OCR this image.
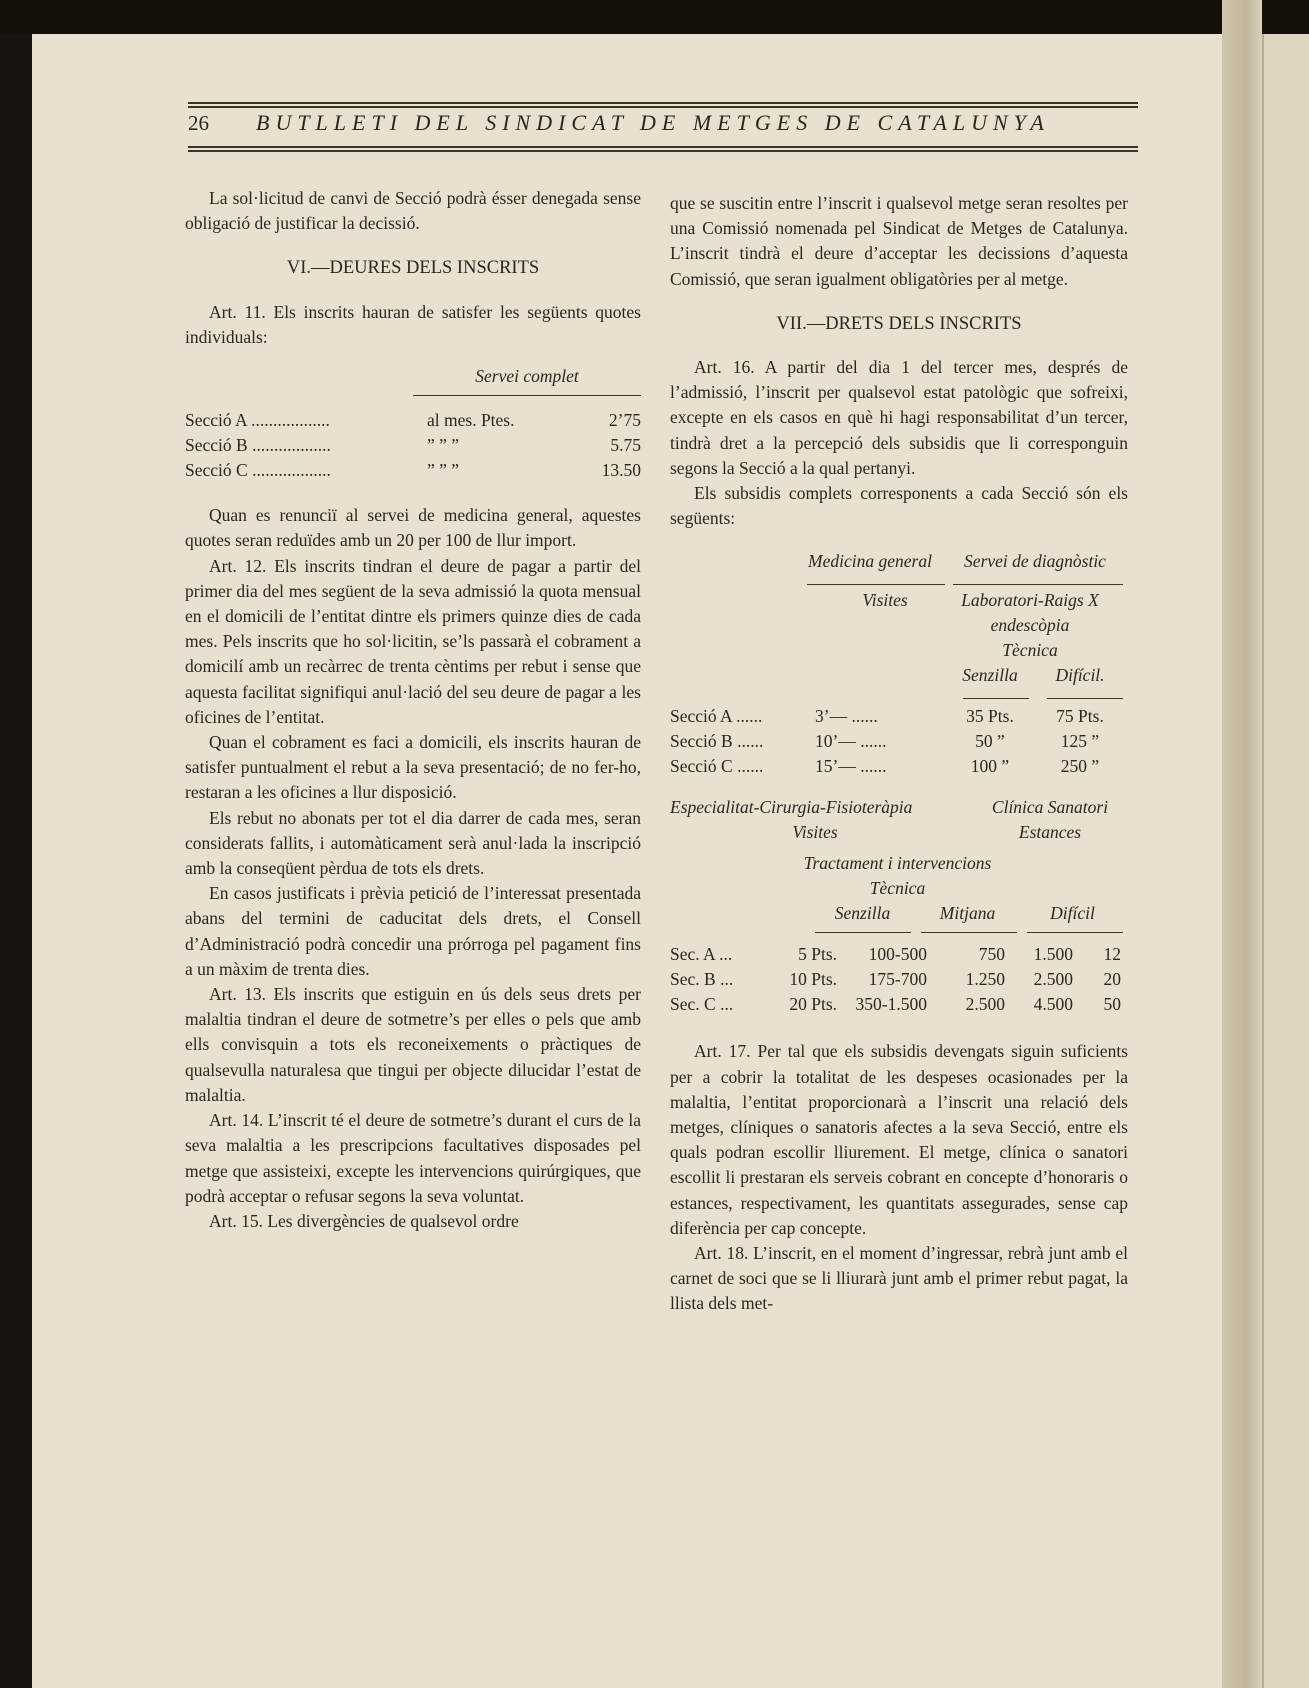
26	BUTLLETI DEL SINDICAT DE METGES DE CATALUNYA

La sol·licitud de canvi de Secció podrà ésser denegada sense obligació de justificar la decissió.

VI.—DEURES DELS INSCRITS

Art. 11. Els inscrits hauran de satisfer les següents quotes individuals:

Servei complet
Secció A ..................	al mes. Ptes.	2’75
Secció B ..................	” ” ”	5.75
Secció C ..................	” ” ”	13.50

Quan es renunciï al servei de medicina general, aquestes quotes seran reduïdes amb un 20 per 100 de llur import.

Art. 12. Els inscrits tindran el deure de pagar a partir del primer dia del mes següent de la seva admissió la quota mensual en el domicili de l’entitat dintre els primers quinze dies de cada mes. Pels inscrits que ho sol·licitin, se’ls passarà el cobrament a domicilí amb un recàrrec de trenta cèntims per rebut i sense que aquesta facilitat signifiqui anul·lació del seu deure de pagar a les oficines de l’entitat.

Quan el cobrament es faci a domicili, els inscrits hauran de satisfer puntualment el rebut a la seva presentació; de no fer-ho, restaran a les oficines a llur disposició.

Els rebut no abonats per tot el dia darrer de cada mes, seran considerats fallits, i automàticament serà anul·lada la inscripció amb la conseqüent pèrdua de tots els drets.

En casos justificats i prèvia petició de l’interessat presentada abans del termini de caducitat dels drets, el Consell d’Administració podrà concedir una prórroga pel pagament fins a un màxim de trenta dies.

Art. 13. Els inscrits que estiguin en ús dels seus drets per malaltia tindran el deure de sotmetre’s per elles o pels que amb ells convisquin a tots els reconeixements o pràctiques de qualsevulla naturalesa que tingui per objecte dilucidar l’estat de malaltia.

Art. 14. L’inscrit té el deure de sotmetre’s durant el curs de la seva malaltia a les prescripcions facultatives disposades pel metge que assisteixi, excepte les intervencions quirúrgiques, que podrà acceptar o refusar segons la seva voluntat.

Art. 15. Les divergències de qualsevol ordre

que se suscitin entre l’inscrit i qualsevol metge seran resoltes per una Comissió nomenada pel Sindicat de Metges de Catalunya. L’inscrit tindrà el deure d’acceptar les decissions d’aquesta Comissió, que seran igualment obligatòries per al metge.

VII.—DRETS DELS INSCRITS

Art. 16. A partir del dia 1 del tercer mes, després de l’admissió, l’inscrit per qualsevol estat patològic que sofreixi, excepte en els casos en què hi hagi responsabilitat d’un tercer, tindrà dret a la percepció dels subsidis que li corresponguin segons la Secció a la qual pertanyi.

Els subsidis complets corresponents a cada Secció són els següents:

Medicina general	Servei de diagnòstic
Visites	Laboratori-Raigs X
endescòpia
Tècnica
Senzilla	Difícil.
Secció A ......	3’— ......	35 Pts.	75 Pts.
Secció B ......	10’— ......	50 ”	125 ”
Secció C ......	15’— ......	100 ”	250 ”
Especialitat-Cirurgia-Fisioteràpia	Clínica Sanatori
Visites	Estances
Tractament i intervencions
Tècnica
Senzilla	Mitjana	Difícil
Sec. A ...	5 Pts.	100-500	750	1.500	12
Sec. B ...	10 Pts.	175-700	1.250	2.500	20
Sec. C ...	20 Pts.	350-1.500	2.500	4.500	50

Art. 17. Per tal que els subsidis devengats siguin suficients per a cobrir la totalitat de les despeses ocasionades per la malaltia, l’entitat proporcionarà a l’inscrit una relació dels metges, clíniques o sanatoris afectes a la seva Secció, entre els quals podran escollir lliurement. El metge, clínica o sanatori escollit li prestaran els serveis cobrant en concepte d’honoraris o estances, respectivament, les quantitats assegurades, sense cap diferència per cap concepte.

Art. 18. L’inscrit, en el moment d’ingressar, rebrà junt amb el carnet de soci que se li lliurarà junt amb el primer rebut pagat, la llista dels met-
